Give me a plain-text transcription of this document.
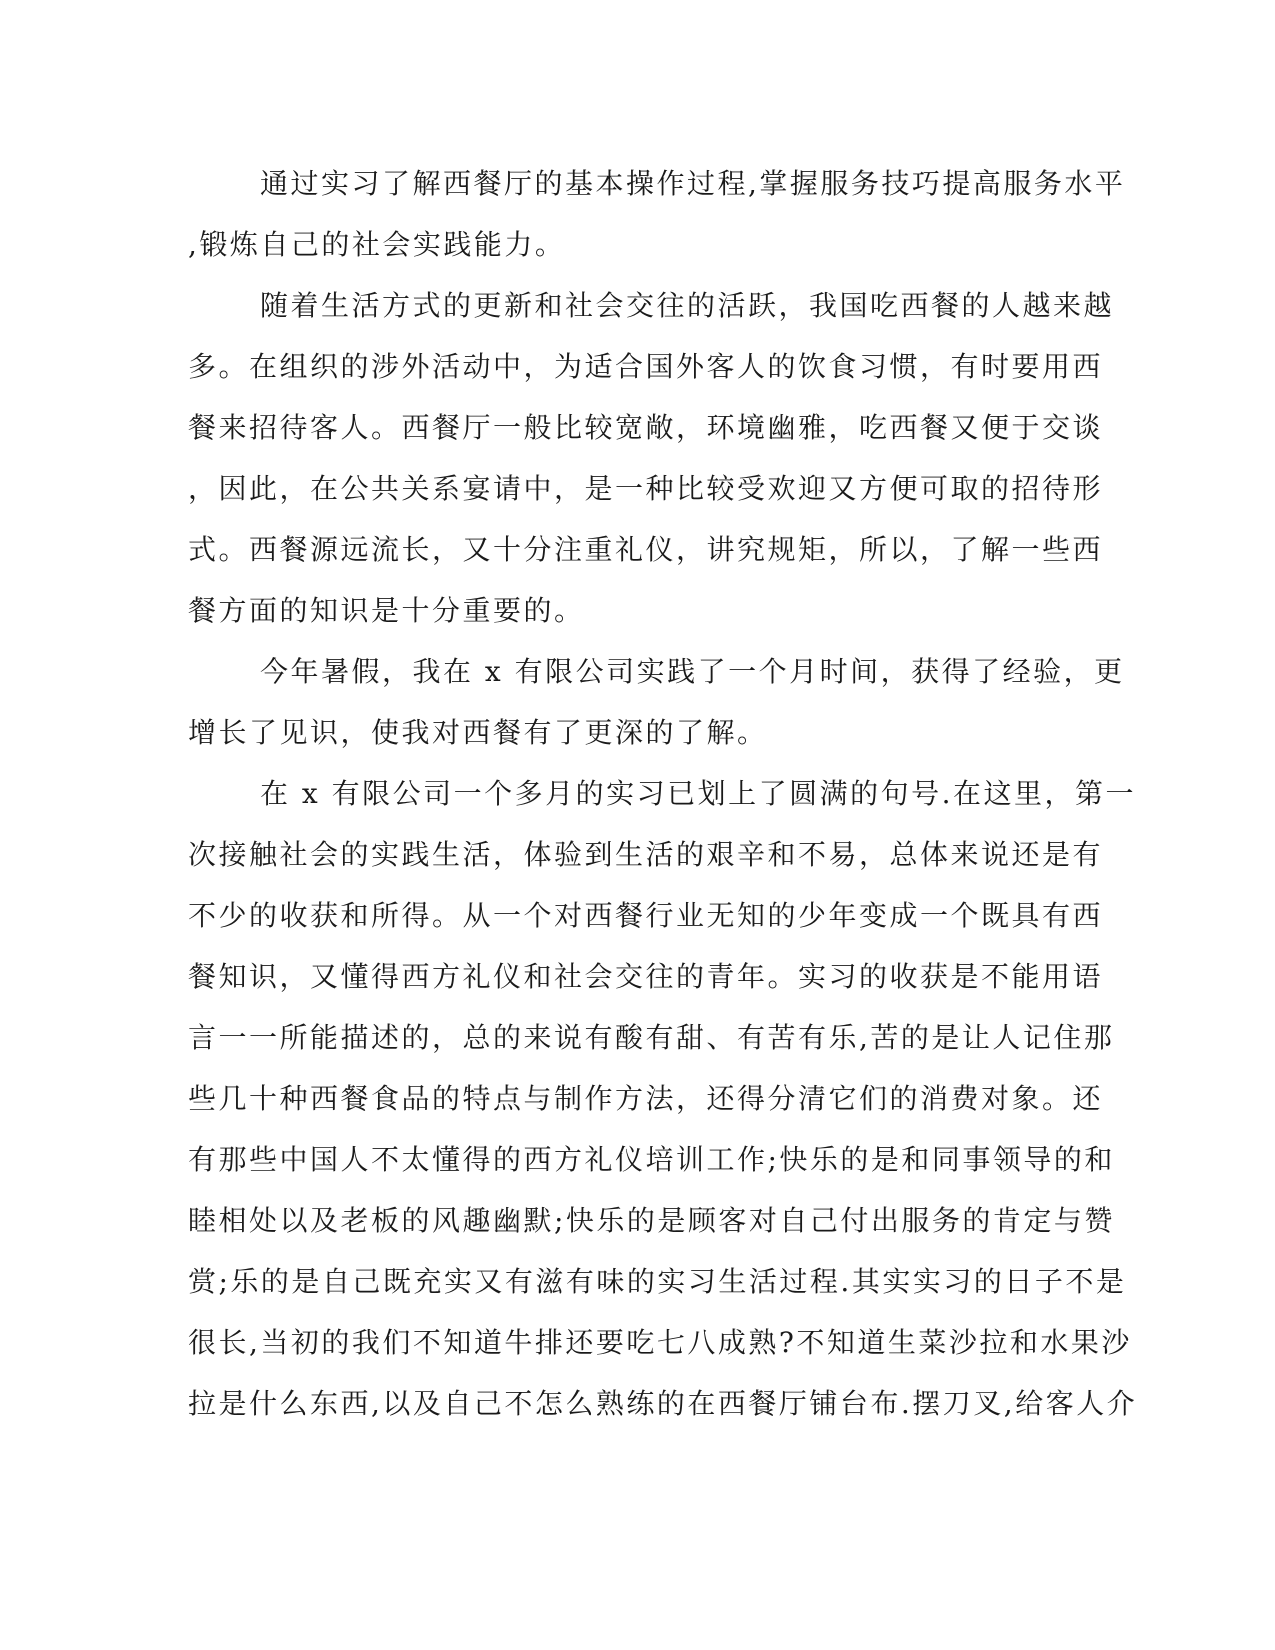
通过实习了解西餐厅的基本操作过程,掌握服务技巧提高服务水平
,锻炼自己的社会实践能力。
随着生活方式的更新和社会交往的活跃，我国吃西餐的人越来越
多。在组织的涉外活动中，为适合国外客人的饮食习惯，有时要用西
餐来招待客人。西餐厅一般比较宽敞，环境幽雅，吃西餐又便于交谈
，因此，在公共关系宴请中，是一种比较受欢迎又方便可取的招待形
式。西餐源远流长，又十分注重礼仪，讲究规矩，所以，了解一些西
餐方面的知识是十分重要的。
今年暑假，我在 x 有限公司实践了一个月时间，获得了经验，更
增长了见识，使我对西餐有了更深的了解。
在 x 有限公司一个多月的实习已划上了圆满的句号.在这里，第一
次接触社会的实践生活，体验到生活的艰辛和不易，总体来说还是有
不少的收获和所得。从一个对西餐行业无知的少年变成一个既具有西
餐知识，又懂得西方礼仪和社会交往的青年。实习的收获是不能用语
言一一所能描述的，总的来说有酸有甜、有苦有乐,苦的是让人记住那
些几十种西餐食品的特点与制作方法，还得分清它们的消费对象。还
有那些中国人不太懂得的西方礼仪培训工作;快乐的是和同事领导的和
睦相处以及老板的风趣幽默;快乐的是顾客对自己付出服务的肯定与赞
赏;乐的是自己既充实又有滋有味的实习生活过程.其实实习的日子不是
很长,当初的我们不知道牛排还要吃七八成熟?不知道生菜沙拉和水果沙
拉是什么东西,以及自己不怎么熟练的在西餐厅铺台布.摆刀叉,给客人介
